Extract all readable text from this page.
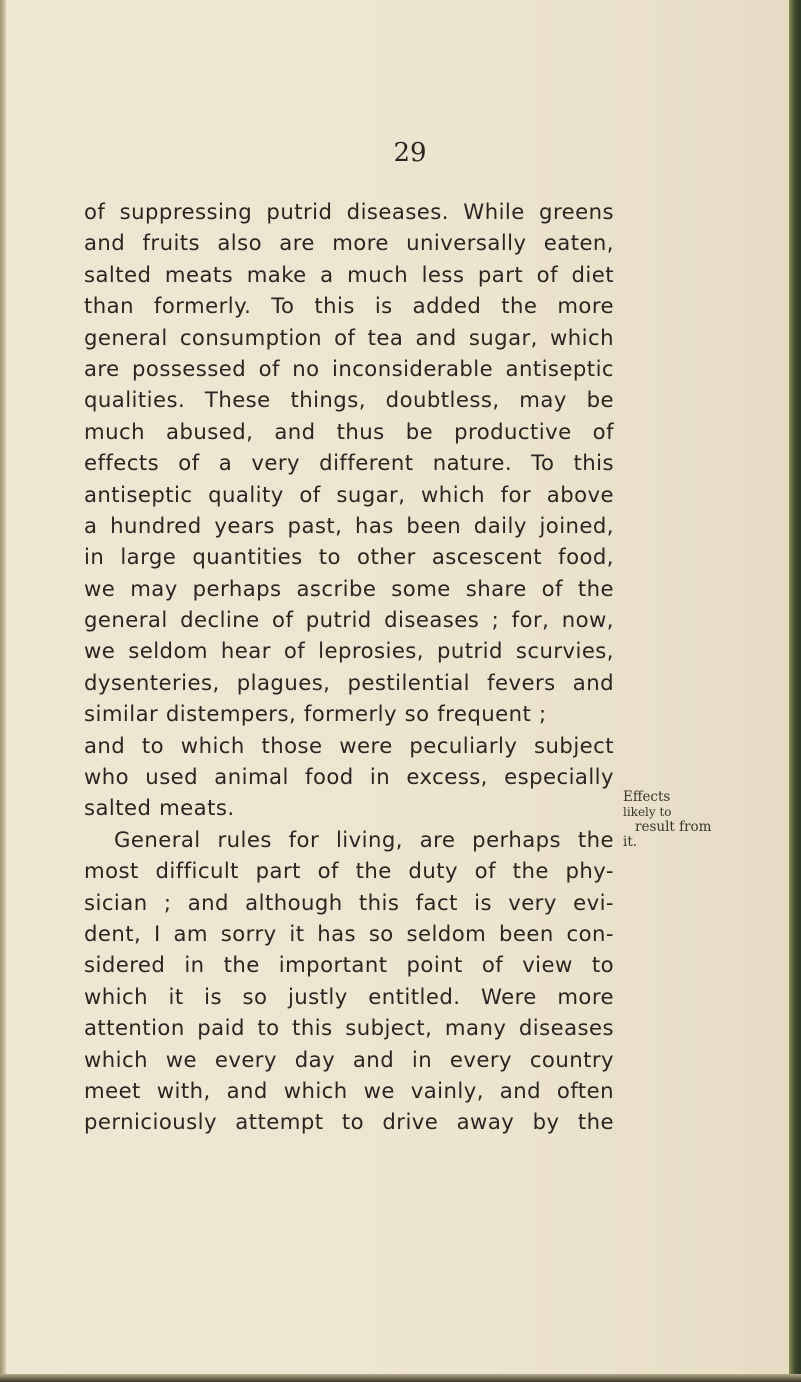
29
of suppressing putrid diseases. While greens
and fruits also are more universally eaten,
salted meats make a much less part of diet
than formerly. To this is added the more
general consumption of tea and sugar, which
are possessed of no inconsiderable antiseptic
qualities. These things, doubtless, may be
much abused, and thus be productive of
effects of a very different nature. To this
antiseptic quality of sugar, which for above
a hundred years past, has been daily joined,
in large quantities to other ascescent food,
we may perhaps ascribe some share of the
general decline of putrid diseases ; for, now,
we seldom hear of leprosies, putrid scurvies,
dysenteries, plagues, pestilential fevers and
similar distempers, formerly so frequent ;
and to which those were peculiarly subject
who used animal food in excess, especially
salted meats.
General rules for living, are perhaps the
most difficult part of the duty of the phy-
sician ; and although this fact is very evi-
dent, I am sorry it has so seldom been con-
sidered in the important point of view to
which it is so justly entitled. Were more
attention paid to this subject, many diseases
which we every day and in every country
meet with, and which we vainly, and often
perniciously attempt to drive away by the
Effects
likely to
result from
it.
